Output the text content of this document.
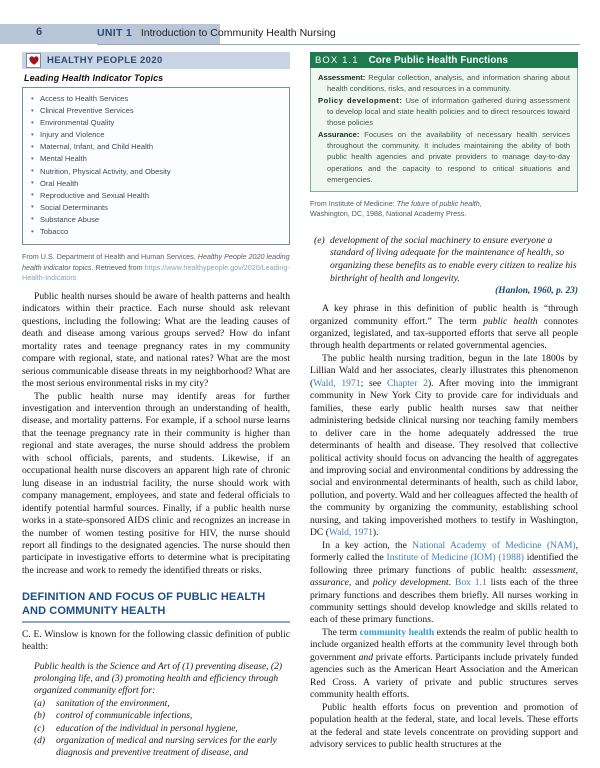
6	UNIT 1 Introduction to Community Health Nursing
HEALTHY PEOPLE 2020
Leading Health Indicator Topics
• Access to Health Services
• Clinical Preventive Services
• Environmental Quality
• Injury and Violence
• Maternal, Infant, and Child Health
• Mental Health
• Nutrition, Physical Activity, and Obesity
• Oral Health
• Reproductive and Sexual Health
• Social Determinants
• Substance Abuse
• Tobacco
From U.S. Department of Health and Human Services. Healthy People 2020 leading health indicator topics. Retrieved from https://www.healthypeople.gov/2020/Leading-Health-Indicators

Public health nurses should be aware of health patterns and health indicators within their practice. Each nurse should ask relevant questions, including the following: What are the leading causes of death and disease among various groups served? How do infant mortality rates and teenage pregnancy rates in my community compare with regional, state, and national rates? What are the most serious communicable disease threats in my neighborhood? What are the most serious environmental risks in my city?

The public health nurse may identify areas for further investigation and intervention through an understanding of health, disease, and mortality patterns. For example, if a school nurse learns that the teenage pregnancy rate in their community is higher than regional and state averages, the nurse should address the problem with school officials, parents, and students. Likewise, if an occupational health nurse discovers an apparent high rate of chronic lung disease in an industrial facility, the nurse should work with company management, employees, and state and federal officials to identify potential harmful sources. Finally, if a public health nurse works in a state-sponsored AIDS clinic and recognizes an increase in the number of women testing positive for HIV, the nurse should report all findings to the designated agencies. The nurse should then participate in investigative efforts to determine what is precipitating the increase and work to remedy the identified threats or risks.

DEFINITION AND FOCUS OF PUBLIC HEALTH
AND COMMUNITY HEALTH

C. E. Winslow is known for the following classic definition of public health:

Public health is the Science and Art of (1) preventing disease, (2) prolonging life, and (3) promoting health and efficiency through organized community effort for:
(a) sanitation of the environment,
(b) control of communicable infections,
(c) education of the individual in personal hygiene,
(d) organization of medical and nursing services for the early diagnosis and preventive treatment of disease, and
BOX 1.1 Core Public Health Functions
Assessment: Regular collection, analysis, and information sharing about health conditions, risks, and resources in a community.
Policy development: Use of information gathered during assessment to develop local and state health policies and to direct resources toward those policies
Assurance: Focuses on the availability of necessary health services throughout the community. It includes maintaining the ability of both public health agencies and private providers to manage day-to-day operations and the capacity to respond to critical situations and emergencies.
From Institute of Medicine: The future of public health,
Washington, DC, 1988, National Academy Press.
(e) development of the social machinery to ensure everyone a standard of living adequate for the maintenance of health, so organizing these benefits as to enable every citizen to realize his birthright of health and longevity.
(Hanlon, 1960, p. 23)

A key phrase in this definition of public health is “through organized community effort.” The term public health connotes organized, legislated, and tax-supported efforts that serve all people through health departments or related governmental agencies.

The public health nursing tradition, begun in the late 1800s by Lillian Wald and her associates, clearly illustrates this phenomenon (Wald, 1971; see Chapter 2). After moving into the immigrant community in New York City to provide care for individuals and families, these early public health nurses saw that neither administering bedside clinical nursing nor teaching family members to deliver care in the home adequately addressed the true determinants of health and disease. They resolved that collective political activity should focus on advancing the health of aggregates and improving social and environmental conditions by addressing the social and environmental determinants of health, such as child labor, pollution, and poverty. Wald and her colleagues affected the health of the community by organizing the community, establishing school nursing, and taking impoverished mothers to testify in Washington, DC (Wald, 1971).

In a key action, the National Academy of Medicine (NAM), formerly called the Institute of Medicine (IOM) (1988) identified the following three primary functions of public health: assessment, assurance, and policy development. Box 1.1 lists each of the three primary functions and describes them briefly. All nurses working in community settings should develop knowledge and skills related to each of these primary functions.

The term community health extends the realm of public health to include organized health efforts at the community level through both government and private efforts. Participants include privately funded agencies such as the American Heart Association and the American Red Cross. A variety of private and public structures serves community health efforts.

Public health efforts focus on prevention and promotion of population health at the federal, state, and local levels. These efforts at the federal and state levels concentrate on providing support and advisory services to public health structures at the
